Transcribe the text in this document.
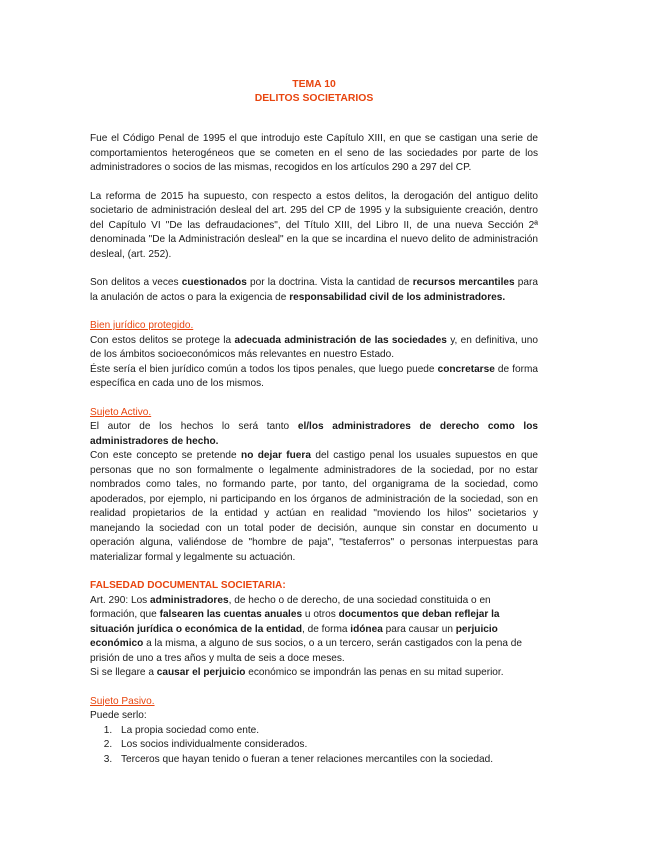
TEMA 10
DELITOS SOCIETARIOS

Fue el Código Penal de 1995 el que introdujo este Capítulo XIII, en que se castigan una serie de comportamientos heterogéneos que se cometen en el seno de las sociedades por parte de los administradores o socios de las mismas, recogidos en los artículos 290 a 297 del CP.

La reforma de 2015 ha supuesto, con respecto a estos delitos, la derogación del antiguo delito societario de administración desleal del art. 295 del CP de 1995 y la subsiguiente creación, dentro del Capítulo VI "De las defraudaciones", del Título XIII, del Libro II, de una nueva Sección 2ª denominada "De la Administración desleal" en la que se incardina el nuevo delito de administración desleal, (art. 252).

Son delitos a veces cuestionados por la doctrina. Vista la cantidad de recursos mercantiles para la anulación de actos o para la exigencia de responsabilidad civil de los administradores.

Bien jurídico protegido.

Con estos delitos se protege la adecuada administración de las sociedades y, en definitiva, uno de los ámbitos socioeconómicos más relevantes en nuestro Estado.

Éste sería el bien jurídico común a todos los tipos penales, que luego puede concretarse de forma específica en cada uno de los mismos.

Sujeto Activo.

El autor de los hechos lo será tanto el/los administradores de derecho como los administradores de hecho.

Con este concepto se pretende no dejar fuera del castigo penal los usuales supuestos en que personas que no son formalmente o legalmente administradores de la sociedad, por no estar nombrados como tales, no formando parte, por tanto, del organigrama de la sociedad, como apoderados, por ejemplo, ni participando en los órganos de administración de la sociedad, son en realidad propietarios de la entidad y actúan en realidad "moviendo los hilos" societarios y manejando la sociedad con un total poder de decisión, aunque sin constar en documento u operación alguna, valiéndose de "hombre de paja", "testaferros" o personas interpuestas para materializar formal y legalmente su actuación.

FALSEDAD DOCUMENTAL SOCIETARIA:

Art. 290: Los administradores, de hecho o de derecho, de una sociedad constituida o en formación, que falsearen las cuentas anuales u otros documentos que deban reflejar la situación jurídica o económica de la entidad, de forma idónea para causar un perjuicio económico a la misma, a alguno de sus socios, o a un tercero, serán castigados con la pena de prisión de uno a tres años y multa de seis a doce meses.

Si se llegare a causar el perjuicio económico se impondrán las penas en su mitad superior.

Sujeto Pasivo.
Puede serlo:
1. La propia sociedad como ente.
2. Los socios individualmente considerados.
3. Terceros que hayan tenido o fueran a tener relaciones mercantiles con la sociedad.
